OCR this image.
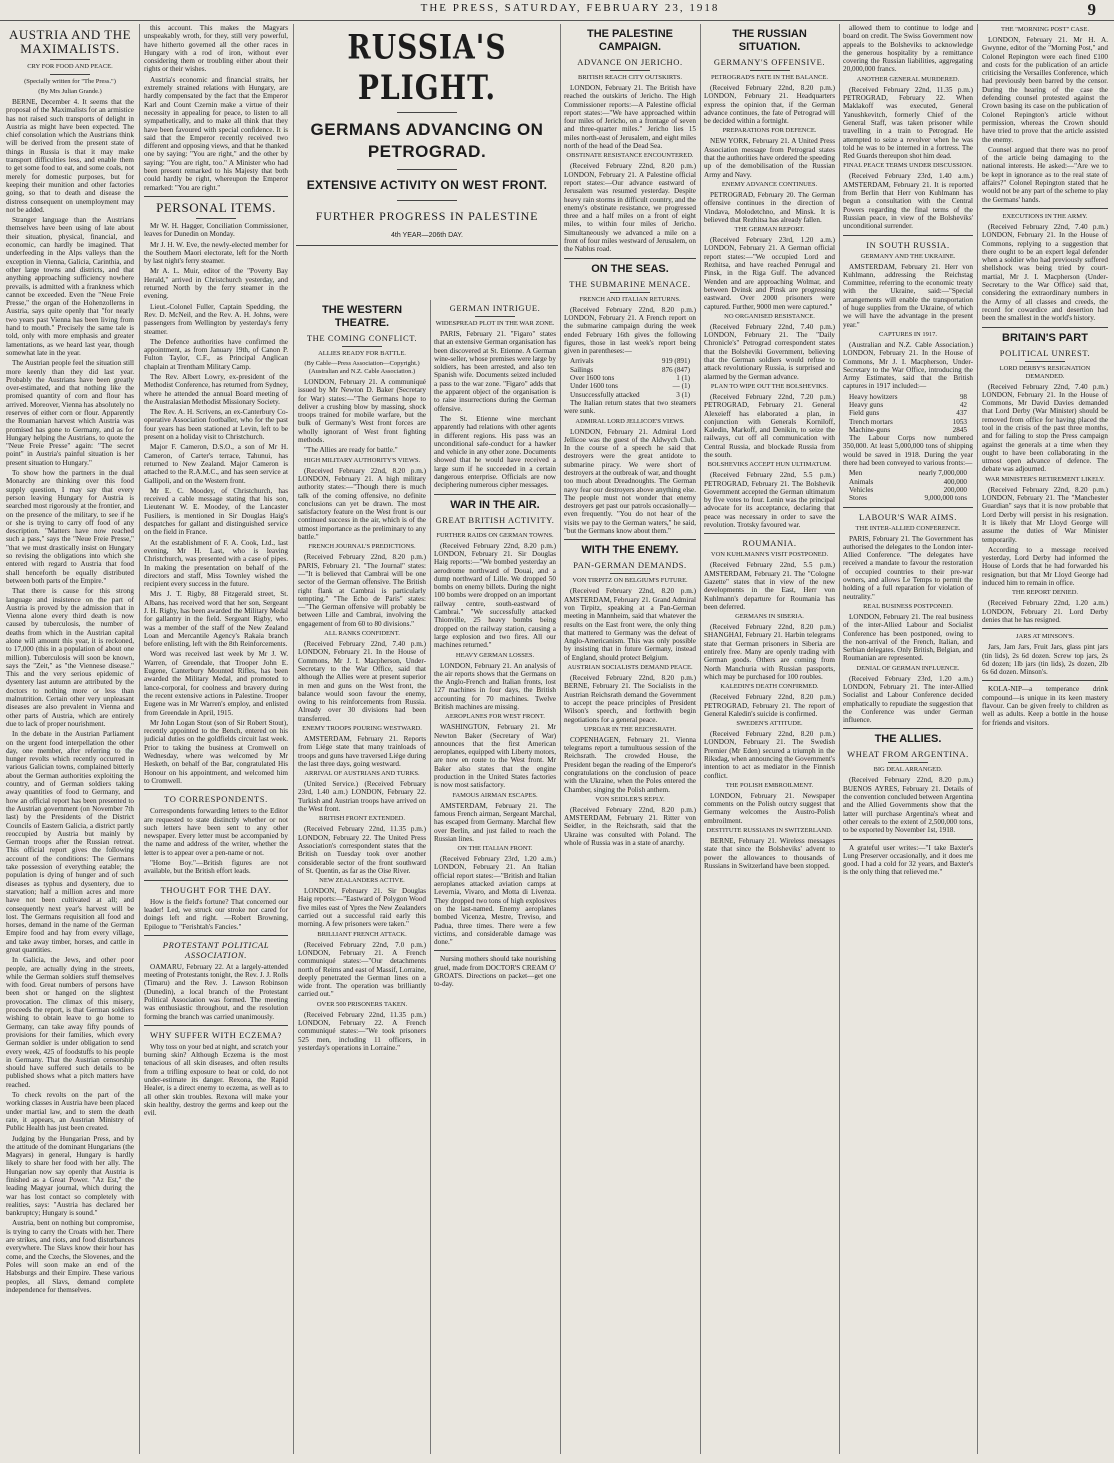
THE PRESS, SATURDAY, FEBRUARY 23, 1918	9
AUSTRIA AND THE MAXIMALISTS.
CRY FOR FOOD AND PEACE.
(Specially written for "The Press.")
(By Mrs Julian Grande.)

BERNE, December 4. It seems that the proposal of the Maximalists for an armistice has not raised such transports of delight in Austria as might have been expected. The chief consolation which the Austrians think will be derived from the present state of things in Russia is that it may make transport difficulties less, and enable them to get some food to eat, and some coals, not merely for domestic purposes, but for keeping their munition and other factories going, so that to death and disease the distress consequent on unemployment may not be added.

Stranger language than the Austrians themselves have been using of late about their situation, physical, financial, and economic, can hardly be imagined. That underfeeding in the Alps valleys than the exception in Vienna, Galicia, Carinthia, and other large towns and districts, and that anything approaching sufficiency nowhere prevails, is admitted with a frankness which cannot be exceeded. Even the "Neue Freie Presse," the organ of the Hohenzollerns in Austria, says quite openly that "for nearly two years past Vienna has been living from hand to mouth." Precisely the same tale is told, only with more emphasis and greater lamentations, as we heard last year, though somewhat late in the year.

The Austrian people feel the situation still more keenly than they did last year. Probably the Austrians have been greatly over-estimated, and that nothing like the promised quantity of corn and flour has arrived. Moreover, Vienna has absolutely no reserves of either corn or flour. Apparently the Roumanian harvest which Austria was promised has gone to Germany, and as for Hungary helping the Austrians, to quote the "Neue Freie Presse" again: "The secret point" in Austria's painful situation is her present situation to Hungary."

To show how the partners in the dual Monarchy are thinking over this food supply question, I may say that every person leaving Hungary for Austria is searched most rigorously at the frontier, and on the presence of the military, to see if he or she is trying to carry off food of any description. "Matters have now reached such a pass," says the "Neue Freie Presse," "that we must drastically insist on Hungary so revising the obligations into which she entered with regard to Austria that food shall henceforth be equally distributed between both parts of the Empire."

That there is cause for this strong language and insistence on the part of Austria is proved by the admission that in Vienna alone every third death is now caused by tuberculosis, the number of deaths from which in the Austrian capital alone will amount this year, it is reckoned, to 17,000 (this in a population of about one million). Tuberculosis will soon be known, says the "Zeit," as "the Viennese disease." This and the very serious epidemic of dysentery last autumn are attributed by the doctors to nothing more or less than malnutrition. Certain other very unpleasant diseases are also prevalent in Vienna and other parts of Austria, which are entirely due to lack of proper nourishment.

In the debate in the Austrian Parliament on the urgent food interpellation the other day, one member, after referring to the hunger revolts which recently occurred in various Galician towns, complained bitterly about the German authorities exploiting the country, and of German soldiers taking away quantities of food to Germany, and how an official report has been presented to the Austrian government (on November 7th last) by the Presidents of the District Councils of Eastern Galicia, a district partly reoccupied by Austria but mainly by German troops after the Russian retreat. This official report gives the following account of the conditions: The Germans take possession of everything eatable; the population is dying of hunger and of such diseases as typhus and dysentery, due to starvation; half a million acres and more have not been cultivated at all; and consequently next year's harvest will be lost. The Germans requisition all food and horses, demand in the name of the German Empire food and hay from every village, and take away timber, horses, and cattle in great quantities.

In Galicia, the Jews, and other poor people, are actually dying in the streets, while the German soldiers stuff themselves with food. Great numbers of persons have been shot or hanged on the slightest provocation. The climax of this misery, proceeds the report, is that German soldiers wishing to obtain leave to go home to Germany, can take away fifty pounds of provisions for their families, which every German soldier is under obligation to send every week, 425 of foodstuffs to his people in Germany. That the Austrian censorship should have suffered such details to be published shows what a pitch matters have reached.

To check revolts on the part of the working classes in Austria have been placed under martial law, and to stem the death rate, it appears, an Austrian Ministry of Public Health has just been created.

Judging by the Hungarian Press, and by the attitude of the dominant Hungarians (the Magyars) in general, Hungary is hardly likely to share her food with her ally. The Hungarian now say openly that Austria is finished as a Great Power. "Az Est," the leading Magyar journal, which during the war has lost contact so completely with realities, says: "Austria has declared her bankruptcy; Hungary is sound."

Austria, bent on nothing but compromise, is trying to carry the Croats with her. There are strikes, and riots, and food disturbances everywhere. The Slavs know their hour has come, and the Czechs, the Slovenes, and the Poles will soon make an end of the Habsburgs and their Empire. These various peoples, all Slavs, demand complete independence for themselves.

this account. This makes the Magyars unspeakably wroth, for they, still very powerful, have hitherto governed all the other races in Hungary with a rod of iron, without ever considering them or troubling either about their rights or their wishes.

Austria's economic and financial straits, her extremely strained relations with Hungary, are hardly compensated by the fact that the Emperor Karl and Count Czernin make a virtue of their necessity in appealing for peace, to listen to all sympathetically, and to make all think that they have been favoured with special confidence. It is said that the Emperor recently received two different and opposing views, and that he thanked one by saying: "You are right," and the other by saying: "You are right, too." A Minister who had been present remarked to his Majesty that both could hardly be right, whereupon the Emperor remarked: "You are right."

PERSONAL ITEMS.

Mr W. H. Hagger, Conciliation Commissioner, leaves for Dunedin on Monday.

Mr J. H. W. Eve, the newly-elected member for the Southern Maori electorate, left for the North by last night's ferry steamer.

Mr A. L. Muir, editor of the "Poverty Bay Herald," arrived in Christchurch yesterday, and returned North by the ferry steamer in the evening.

Lieut.-Colonel Fuller, Captain Spedding, the Rev. D. McNeil, and the Rev. A. H. Johns, were passengers from Wellington by yesterday's ferry steamer.

The Defence authorities have confirmed the appointment, as from January 19th, of Canon P. Fulton Taylor, C.F., as Principal Anglican chaplain at Trentham Military Camp.

The Rev. Albert Lowry, ex-president of the Methodist Conference, has returned from Sydney, where he attended the annual Board meeting of the Australasian Methodist Missionary Society.

The Rev. A. H. Scrivens, an ex-Canterbury Co-operative Association footballer, who for the past four years has been stationed at Levin, left to be present on a holiday visit to Christchurch.

Major F. Cameron, D.S.O., a son of Mr H. Cameron, of Carter's terrace, Tahunui, has returned to New Zealand. Major Cameron is attached to the R.A.M.C., and has seen service at Gallipoli, and on the Western front.

Mr E. C. Moodey, of Christchurch, has received a cable message stating that his son, Lieutenant W. E. Moodey, of the Lancaster Fusiliers, is mentioned in Sir Douglas Haig's despatches for gallant and distinguished service on the field in France.

At the establishment of F. A. Cook, Ltd., last evening, Mr H. Last, who is leaving Christchurch, was presented with a case of pipes. In making the presentation on behalf of the directors and staff, Miss Townley wished the recipient every success in the future.

Mrs J. T. Rigby, 88 Fitzgerald street, St. Albans, has received word that her son, Sergeant J. H. Rigby, has been awarded the Military Medal for gallantry in the field. Sergeant Rigby, who was a member of the staff of the New Zealand Loan and Mercantile Agency's Rakaia branch before enlisting, left with the 8th Reinforcements.

Word was received last week by Mr J. W. Warren, of Greendale, that Trooper John E. Eugene, Canterbury Mounted Rifles, has been awarded the Military Medal, and promoted to lance-corporal, for coolness and bravery during the recent extensive actions in Palestine. Trooper Eugene was in Mr Warren's employ, and enlisted from Greendale in April, 1915.

Mr John Logan Stout (son of Sir Robert Stout), recently appointed to the Bench, entered on his judicial duties on the goldfields circuit last week. Prior to taking the business at Cromwell on Wednesday, where was welcomed by Mr Hesketh, on behalf of the Bar, congratulated His Honour on his appointment, and welcomed him to Cromwell.

TO CORRESPONDENTS.

Correspondents forwarding letters to the Editor are requested to state distinctly whether or not such letters have been sent to any other newspaper. Every letter must be accompanied by the name and address of the writer, whether the letter is to appear over a pen-name or not.

"Home Boy."—British figures are not available, but the British effort leads.

THOUGHT FOR THE DAY.

How is the field's fortune? That concerned our leader! Led, we struck our stroke nor cared for doings left and right. —Robert Browning, Epilogue to "Ferishtah's Fancies."

PROTESTANT POLITICAL ASSOCIATION.

OAMARU, February 22. At a largely-attended meeting of Protestants tonight, the Rev. J. J. Rolls (Timaru) and the Rev. J. Lawson Robinson (Dunedin), a local branch of the Protestant Political Association was formed. The meeting was enthusiastic throughout, and the resolution forming the branch was carried unanimously.

WHY SUFFER WITH ECZEMA?

Why toss on your bed at night, and scratch your burning skin? Although Eczema is the most tenacious of all skin diseases, and often results from a trifling exposure to heat or cold, do not under-estimate its danger. Rexona, the Rapid Healer, is a direct enemy to eczema, as well as to all other skin troubles. Rexona will make your skin healthy, destroy the germs and keep out the evil.

RUSSIA'S PLIGHT.
GERMANS ADVANCING ON PETROGRAD.
EXTENSIVE ACTIVITY ON WEST FRONT.
FURTHER PROGRESS IN PALESTINE
4th YEAR—206th DAY.
THE WESTERN THEATRE.
THE COMING CONFLICT.
ALLIES READY FOR BATTLE.
(By Cable—Press Association—Copyright.) (Australian and N.Z. Cable Association.)

LONDON, February 21. A communiqué issued by Mr Newton D. Baker (Secretary for War) states:—"The Germans hope to deliver a crushing blow by massing, shock troops trained for mobile warfare, but the bulk of Germany's West front forces are wholly ignorant of West front fighting methods.

"The Allies are ready for battle."

HIGH MILITARY AUTHORITY'S VIEWS.

(Received February 22nd, 8.20 p.m.) LONDON, February 21. A high military authority states:—"Though there is much talk of the coming offensive, no definite conclusions can yet be drawn. The most satisfactory feature on the West front is our continued success in the air, which is of the utmost importance as the preliminary to any battle."

FRENCH JOURNAL'S PREDICTIONS.

(Received February 22nd, 8.20 p.m.) PARIS, February 21. "The Journal" states:—"It is believed that Cambrai will be one sector of the German offensive. The British right flank at Cambrai is particularly tempting." "The Echo de Paris" states:—"The German offensive will probably be between Lille and Cambrai, involving the engagement of from 60 to 80 divisions."

ALL RANKS CONFIDENT.

(Received February 22nd, 7.40 p.m.) LONDON, February 21. In the House of Commons, Mr J. I. Macpherson, Under-Secretary to the War Office, said that although the Allies were at present superior in men and guns on the West front, the balance would soon favour the enemy, owing to his reinforcements from Russia. Already over 30 divisions had been transferred.

ENEMY TROOPS POURING WESTWARD.

AMSTERDAM, February 21. Reports from Liége state that many trainloads of troops and guns have traversed Liége during the last three days, going westward.

ARRIVAL OF AUSTRIANS AND TURKS.

(United Service.) (Received February 23rd, 1.40 a.m.) LONDON, February 22. Turkish and Austrian troops have arrived on the West front.

BRITISH FRONT EXTENDED.

(Received February 22nd, 11.35 p.m.) LONDON, February 22. The United Press Association's correspondent states that the British on Tuesday took over another considerable sector of the front southward of St. Quentin, as far as the Oise River.

NEW ZEALANDERS ACTIVE.

LONDON, February 21. Sir Douglas Haig reports:—"Eastward of Polygon Wood five miles east of Ypres the New Zealanders carried out a successful raid early this morning. A few prisoners were taken."

BRILLIANT FRENCH ATTACK.

(Received February 22nd, 7.0 p.m.) LONDON, February 21. A French communiqué states:—"Our detachments north of Reims and east of Massif, Lorraine, deeply penetrated the German lines on a wide front. The operation was brilliantly carried out."

OVER 500 PRISONERS TAKEN.

(Received February 22nd, 11.35 p.m.) LONDON, February 22. A French communiqué states:—"We took prisoners 525 men, including 11 officers, in yesterday's operations in Lorraine."

GERMAN INTRIGUE.
WIDESPREAD PLOT IN THE WAR ZONE.

PARIS, February 21. "Figaro" states that an extensive German organisation has been discovered at St. Etienne. A German wine-seller, whose premises were large by soldiers, has been arrested, and also ten Spanish wife. Documents seized included a pass to the war zone. "Figaro" adds that the apparent object of the organisation is to raise insurrections during the German offensive.

The St. Etienne wine merchant apparently had relations with other agents in different regions. His pass was an unconditional safe-conduct for a hawker and vehicle in any other zone. Documents showed that he would have received a large sum if he succeeded in a certain dangerous enterprise. Officials are now deciphering numerous cipher messages.

WAR IN THE AIR.
GREAT BRITISH ACTIVITY.
FURTHER RAIDS ON GERMAN TOWNS.

(Received February 22nd, 8.20 p.m.) LONDON, February 21. Sir Douglas Haig reports:—"We bombed yesterday an aerodrome northward of Douai, and a dump northward of Lille. We dropped 50 bombs on enemy billets. During the night 100 bombs were dropped on an important railway centre, south-eastward of Cambrai." "We successfully attacked Thionville, 25 heavy bombs being dropped on the railway station, causing a large explosion and two fires. All our machines returned."

HEAVY GERMAN LOSSES.

LONDON, February 21. An analysis of the air reports shows that the Germans on the Anglo-French and Italian fronts, lost 127 machines in four days, the British accounting for 70 machines. Twelve British machines are missing.

AEROPLANES FOR WEST FRONT.

WASHINGTON, February 21. Mr Newton Baker (Secretary of War) announces that the first American aeroplanes, equipped with Liberty motors, are now en route to the West front. Mr Baker also states that the engine production in the United States factories is now most satisfactory.

FAMOUS AIRMAN ESCAPES.

AMSTERDAM, February 21. The famous French airman, Sergeant Marchal, has escaped from Germany. Marchal flew over Berlin, and just failed to reach the Russian lines.

ON THE ITALIAN FRONT.

(Received February 23rd, 1.20 a.m.) LONDON, February 21. An Italian official report states:—"British and Italian aeroplanes attacked aviation camps at Levernia, Vivaro, and Motta di Livenza. They dropped two tons of high explosives on the last-named. Enemy aeroplanes bombed Vicenza, Mestre, Treviso, and Padua, three times. There were a few victims, and considerable damage was done."

Nursing mothers should take nourishing gruel, made from DOCTOR'S CREAM O' GROATS. Directions on packet—get one to-day.

THE PALESTINE CAMPAIGN.
ADVANCE ON JERICHO.
BRITISH REACH CITY OUTSKIRTS.

LONDON, February 21. The British have reached the outskirts of Jericho. The High Commissioner reports:—A Palestine official report states:—"We have approached within four miles of Jericho, on a frontage of seven and three-quarter miles." Jericho lies 15 miles north-east of Jerusalem, and eight miles north of the head of the Dead Sea.

OBSTINATE RESISTANCE ENCOUNTERED.

(Received February 22nd, 8.20 p.m.) LONDON, February 21. A Palestine official report states:—Our advance eastward of Jerusalem was resumed yesterday. Despite heavy rain storms in difficult country, and the enemy's obstinate resistance, we progressed three and a half miles on a front of eight miles, to within four miles of Jericho. Simultaneously we advanced a mile on a front of four miles westward of Jerusalem, on the Nablus road.

ON THE SEAS.
THE SUBMARINE MENACE.
FRENCH AND ITALIAN RETURNS.

(Received February 22nd, 8.20 p.m.) LONDON, February 21. A French report on the submarine campaign during the week ended February 16th gives the following figures, those in last week's report being given in parentheses:—

Arrivals	919 (891)
Sailings	876 (847)
Over 1600 tons	1 (1)
Under 1600 tons	— (1)
Unsuccessfully attacked	3 (1)

The Italian return states that two steamers were sunk.

ADMIRAL LORD JELLICOE'S VIEWS.

LONDON, February 21. Admiral Lord Jellicoe was the guest of the Aldwych Club. In the course of a speech he said that destroyers were the great antidote to submarine piracy. We were short of destroyers at the outbreak of war, and thought too much about Dreadnoughts. The German navy fear our destroyers above anything else. The people must not wonder that enemy destroyers get past our patrols occasionally—even frequently. "You do not hear of the visits we pay to the German waters," he said, "but the Germans know about them."

WITH THE ENEMY.
PAN-GERMAN DEMANDS.
VON TIRPITZ ON BELGIUM'S FUTURE.

(Received February 22nd, 8.20 p.m.) AMSTERDAM, February 21. Grand Admiral von Tirpitz, speaking at a Pan-German meeting in Mannheim, said that whatever the results on the East front were, the only thing that mattered to Germany was the defeat of Anglo-Americanism. This was only possible by insisting that in future Germany, instead of England, should protect Belgium.

AUSTRIAN SOCIALISTS DEMAND PEACE.

(Received February 22nd, 8.20 p.m.) BERNE, February 21. The Socialists in the Austrian Reichsrath demand the Government to accept the peace principles of President Wilson's speech, and forthwith begin negotiations for a general peace.

UPROAR IN THE REICHSRATH.

COPENHAGEN, February 21. Vienna telegrams report a tumultuous session of the Reichsrath. The crowded House, the President began the reading of the Emperor's congratulations on the conclusion of peace with the Ukraine, when the Poles entered the Chamber, singing the Polish anthem.

VON SEIDLER'S REPLY.

(Received February 22nd, 8.20 p.m.) AMSTERDAM, February 21. Ritter von Seidler, in the Reichsrath, said that the Ukraine was consulted with Poland. The whole of Russia was in a state of anarchy.

THE RUSSIAN SITUATION.
GERMANY'S OFFENSIVE.
PETROGRAD'S FATE IN THE BALANCE.

(Received February 22nd, 8.20 p.m.) LONDON, February 21. Headquarters express the opinion that, if the German advance continues, the fate of Petrograd will be decided within a fortnight.

PREPARATIONS FOR DEFENCE.

NEW YORK, February 21. A United Press Association message from Petrograd states that the authorities have ordered the speeding up of the demobilisation of the Russian Army and Navy.

ENEMY ADVANCE CONTINUES.

PETROGRAD, February 20. The German offensive continues in the direction of Vindava, Molodetchno, and Minsk. It is believed that Rezhitsa has already fallen.

THE GERMAN REPORT.

(Received February 23rd, 1.20 a.m.) LONDON, February 21. A German official report states:—"We occupied Lord and Rezhitsa, and have reached Penrugal and Pinsk, in the Riga Gulf. The advanced Wenden and are approaching Wolmar, and between Dvinsk and Pinsk are progressing eastward. Over 2000 prisoners were captured. Further, 9000 men were captured."

NO ORGANISED RESISTANCE.

(Received February 22nd, 7.40 p.m.) LONDON, February 21. The "Daily Chronicle's" Petrograd correspondent states that the Bolsheviki Government, believing that the German soldiers would refuse to attack revolutionary Russia, is surprised and alarmed by the German advance.

PLAN TO WIPE OUT THE BOLSHEVIKS.

(Received February 22nd, 7.20 p.m.) PETROGRAD, February 21. General Alexeieff has elaborated a plan, in conjunction with Generals Korniloff, Kaledin, Markoff, and Denikin, to seize the railways, cut off all communication with Central Russia, and blockade Russia from the south.

BOLSHEVIKS ACCEPT HUN ULTIMATUM.

(Received February 22nd, 5.5 p.m.) PETROGRAD, February 21. The Bolshevik Government accepted the German ultimatum by five votes to four. Lenin was the principal advocate for its acceptance, declaring that peace was necessary in order to save the revolution. Trotsky favoured war.

ROUMANIA.
VON KUHLMANN'S VISIT POSTPONED.

(Received February 22nd, 5.5 p.m.) AMSTERDAM, February 21. The "Cologne Gazette" states that in view of the new developments in the East, Herr von Kuhlmann's departure for Roumania has been deferred.

GERMANS IN SIBERIA.

(Received February 22nd, 8.20 p.m.) SHANGHAI, February 21. Harbin telegrams state that German prisoners in Siberia are entirely free. Many are openly trading with German goods. Others are coming from North Manchuria with Russian passports, which may be purchased for 100 roubles.

KALEDIN'S DEATH CONFIRMED.

(Received February 22nd, 8.20 p.m.) PETROGRAD, February 21. The report of General Kaledin's suicide is confirmed.

SWEDEN'S ATTITUDE.

(Received February 22nd, 8.20 p.m.) LONDON, February 21. The Swedish Premier (Mr Eden) secured a triumph in the Riksdag, when announcing the Government's intention to act as mediator in the Finnish conflict.

THE POLISH EMBROILMENT.

LONDON, February 21. Newspaper comments on the Polish outcry suggest that Germany welcomes the Austro-Polish embroilment.

DESTITUTE RUSSIANS IN SWITZERLAND.

BERNE, February 21. Wireless messages state that since the Bolsheviks' advent to power the allowances to thousands of Russians in Switzerland have been stopped.

allowed them to continue to lodge and board on credit. The Swiss Government now appeals to the Bolsheviks to acknowledge the generous hospitality by a remittance covering the Russian liabilities, aggregating 20,000,000 francs.

ANOTHER GENERAL MURDERED.

(Received February 22nd, 11.35 p.m.) PETROGRAD, February 22. When Maklakoff was executed, General Yanushkevitch, formerly Chief of the General Staff, was taken prisoner while travelling in a train to Petrograd. He attempted to seize a revolver when he was told he was to be interned in a fortress. The Red Guards thereupon shot him dead.

FINAL PEACE TERMS UNDER DISCUSSION.

(Received February 23rd, 1.40 a.m.) AMSTERDAM, February 21. It is reported from Berlin that Herr von Kuhlmann has begun a consultation with the Central Powers regarding the final terms of the Russian peace, in view of the Bolsheviks' unconditional surrender.

IN SOUTH RUSSIA.
GERMANY AND THE UKRAINE.

AMSTERDAM, February 21. Herr von Kuhlmann, addressing the Reichstag Committee, referring to the economic treaty with the Ukraine, said:—"Special arrangements will enable the transportation of huge supplies from the Ukraine, of which we will have the advantage in the present year."

CAPTURES IN 1917.

(Australian and N.Z. Cable Association.) LONDON, February 21. In the House of Commons, Mr J. I. Macpherson, Under-Secretary to the War Office, introducing the Army Estimates, said that the British captures in 1917 included:—

Heavy howitzers	98
Heavy guns	42
Field guns	437
Trench mortars	1053
Machine-guns	2845

The Labour Corps now numbered 350,000. At least 5,000,000 tons of shipping would be saved in 1918. During the year there had been conveyed to various fronts:—

Men	nearly 7,000,000
Animals	400,000
Vehicles	200,000
Stores	9,000,000 tons
LABOUR'S WAR AIMS.
THE INTER-ALLIED CONFERENCE.

PARIS, February 21. The Government has authorised the delegates to the London inter-Allied Conference. "The delegates have received a mandate to favour the restoration of occupied countries to their pre-war owners, and allows Le Temps to permit the holding of a full reparation for violation of neutrality."

REAL BUSINESS POSTPONED.

LONDON, February 21. The real business of the inter-Allied Labour and Socialist Conference has been postponed, owing to the non-arrival of the French, Italian, and Serbian delegates. Only British, Belgian, and Roumanian are represented.

DENIAL OF GERMAN INFLUENCE.

(Received February 23rd, 1.20 a.m.) LONDON, February 21. The inter-Allied Socialist and Labour Conference decided emphatically to repudiate the suggestion that the Conference was under German influence.

THE ALLIES.
WHEAT FROM ARGENTINA.
BIG DEAL ARRANGED.

(Received February 22nd, 8.20 p.m.) BUENOS AYRES, February 21. Details of the convention concluded between Argentina and the Allied Governments show that the latter will purchase Argentina's wheat and other cereals to the extent of 2,500,000 tons, to be exported by November 1st, 1918.

A grateful user writes:—"I take Baxter's Lung Preserver occasionally, and it does me good. I had a cold for 32 years, and Baxter's is the only thing that relieved me."

THE "MORNING POST" CASE.

LONDON, February 21. Mr H. A. Gwynne, editor of the "Morning Post," and Colonel Repington were each fined £100 and costs for the publication of an article criticising the Versailles Conference, which had previously been barred by the censor. During the hearing of the case the defending counsel protested against the Crown basing its case on the publication of Colonel Repington's article without permission, whereas the Crown should have tried to prove that the article assisted the enemy.

Counsel argued that there was no proof of the article being damaging to the national interests. He asked:—"Are we to be kept in ignorance as to the real state of affairs?" Colonel Repington stated that he would not be any part of the scheme to play the Germans' hands.

EXECUTIONS IN THE ARMY.

(Received February 22nd, 7.40 p.m.) LONDON, February 21. In the House of Commons, replying to a suggestion that there ought to be an expert legal defender when a soldier who had previously suffered shellshock was being tried by court-martial, Mr J. I. Macpherson (Under-Secretary to the War Office) said that, considering the extraordinary numbers in the Army of all classes and creeds, the record for cowardice and desertion had been the smallest in the world's history.

BRITAIN'S PART
POLITICAL UNREST.
LORD DERBY'S RESIGNATION DEMANDED.

(Received February 22nd, 7.40 p.m.) LONDON, February 21. In the House of Commons, Mr David Davies demanded that Lord Derby (War Minister) should be removed from office for having placed the tool in the crisis of the past three months, and for failing to stop the Press campaign against the generals at a time when they ought to have been collaborating in the utmost open advance of defence. The debate was adjourned.

WAR MINISTER'S RETIREMENT LIKELY.

(Received February 22nd, 8.20 p.m.) LONDON, February 21. The "Manchester Guardian" says that it is now probable that Lord Derby will persist in his resignation. It is likely that Mr Lloyd George will assume the duties of War Minister temporarily.

According to a message received yesterday, Lord Derby had informed the House of Lords that he had forwarded his resignation, but that Mr Lloyd George had induced him to remain in office.

THE REPORT DENIED.

(Received February 22nd, 1.20 a.m.) LONDON, February 21. Lord Derby denies that he has resigned.

JARS AT MINSON'S.

Jars, Jam Jars, Fruit Jars, glass pint jars (tin lids), 2s 6d dozen. Screw top jars, 2s 6d dozen; 1lb jars (tin lids), 2s dozen, 2lb 6s 6d dozen. Minson's.

KOLA-NIP—a temperance drink compound—is unique in its keen mastery flavour. Can be given freely to children as well as adults. Keep a bottle in the house for friends and visitors.
